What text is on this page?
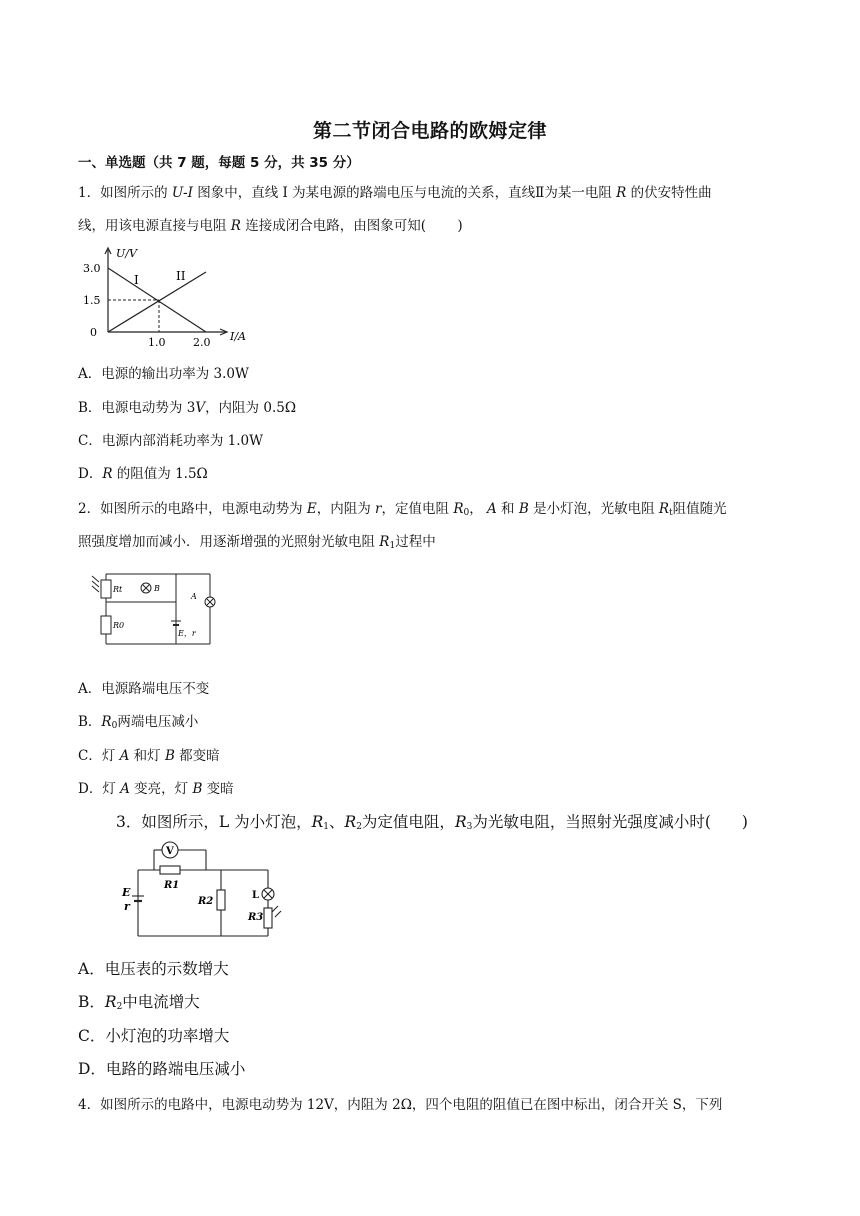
第二节闭合电路的欧姆定律
一、单选题（共 7 题，每题 5 分，共 35 分）
1．如图所示的 U-I 图象中，直线 I 为某电源的路端电压与电流的关系，直线Ⅱ为某一电阻 R 的伏安特性曲
线，用该电源直接与电阻 R 连接成闭合电路，由图象可知(　　 )
U/V
I/A
3.0
1.5
0
1.0	2.0
I	II
A．电源的输出功率为 3.0W
B．电源电动势为 3V，内阻为 0.5Ω
C．电源内部消耗功率为 1.0W
D．R 的阻值为 1.5Ω
2．如图所示的电路中，电源电动势为 E，内阻为 r，定值电阻 $R_0$， A 和 B 是小灯泡，光敏电阻 $R_t$阻值随光
照强度增加而减小．用逐渐增强的光照射光敏电阻 $R_1$过程中
Rt	B
A
R0
E，r
A．电源路端电压不变
B．$R_0$两端电压减小
C．灯 A 和灯 B 都变暗
D．灯 A 变亮，灯 B 变暗
3．如图所示，L 为小灯泡，$R_1$、$R_2$为定值电阻，$R_3$为光敏电阻，当照射光强度减小时(　　)
V
R1
R2
L
R3
E
r
A．电压表的示数增大
B．$R_2$中电流增大
C．小灯泡的功率增大
D．电路的路端电压减小
4．如图所示的电路中，电源电动势为 12V，内阻为 2Ω，四个电阻的阻值已在图中标出，闭合开关 S，下列
